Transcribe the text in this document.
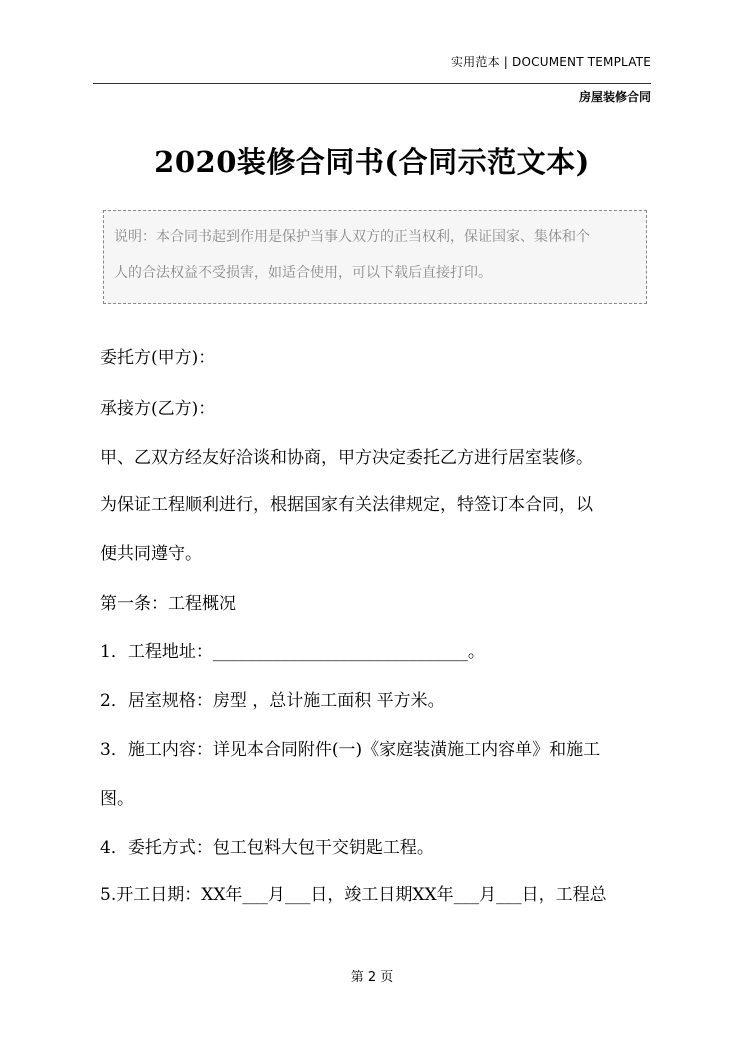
实用范本 | DOCUMENT TEMPLATE
房屋装修合同
2020装修合同书(合同示范文本)
说明：本合同书起到作用是保护当事人双方的正当权利，保证国家、集体和个
人的合法权益不受损害，如适合使用，可以下载后直接打印。
委托方(甲方)：
承接方(乙方)：
甲、乙双方经友好洽谈和协商，甲方决定委托乙方进行居室装修。
为保证工程顺利进行，根据国家有关法律规定，特签订本合同，以
便共同遵守。
第一条：工程概况
1．工程地址：______________________________。
2．居室规格：房型 ，总计施工面积 平方米。
3．施工内容：详见本合同附件(一)《家庭装潢施工内容单》和施工
图。
4．委托方式：包工包料大包干交钥匙工程。
5.开工日期：XX年___月___日，竣工日期XX年___月___日，工程总
第 2 页
